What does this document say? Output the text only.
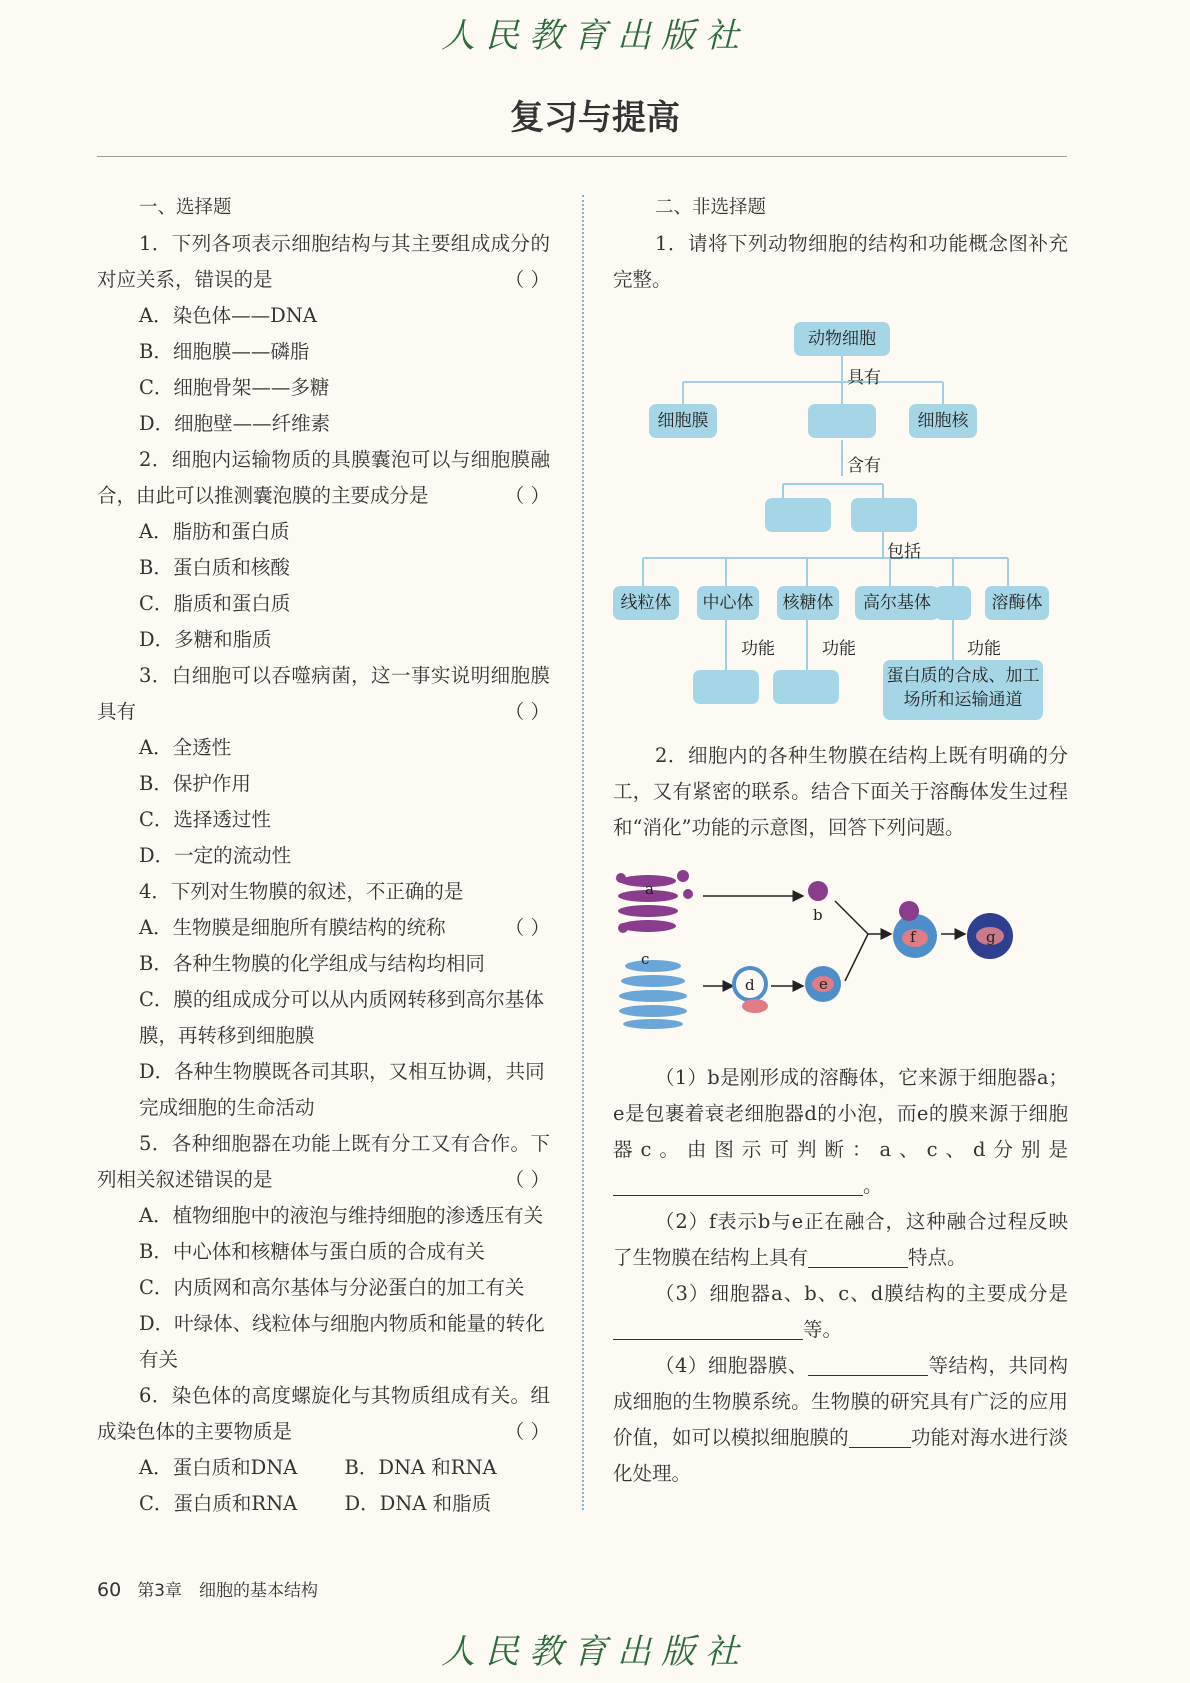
人民教育出版社
复习与提高
一、选择题
1．下列各项表示细胞结构与其主要组成成分的对应关系，错误的是	（ ）
A．染色体——DNA
B．细胞膜——磷脂
C．细胞骨架——多糖
D．细胞壁——纤维素
2．细胞内运输物质的具膜囊泡可以与细胞膜融合，由此可以推测囊泡膜的主要成分是	（ ）
A．脂肪和蛋白质
B．蛋白质和核酸
C．脂质和蛋白质
D．多糖和脂质
3．白细胞可以吞噬病菌，这一事实说明细胞膜具有	（ ）
A．全透性
B．保护作用
C．选择透过性
D．一定的流动性
4．下列对生物膜的叙述，不正确的是
（ ）
A．生物膜是细胞所有膜结构的统称
B．各种生物膜的化学组成与结构均相同
C．膜的组成成分可以从内质网转移到高尔基体膜，再转移到细胞膜
D．各种生物膜既各司其职，又相互协调，共同完成细胞的生命活动
5．各种细胞器在功能上既有分工又有合作。下列相关叙述错误的是	（ ）
A．植物细胞中的液泡与维持细胞的渗透压有关
B．中心体和核糖体与蛋白质的合成有关
C．内质网和高尔基体与分泌蛋白的加工有关
D．叶绿体、线粒体与细胞内物质和能量的转化有关
6．染色体的高度螺旋化与其物质组成有关。组成染色体的主要物质是	（ ）
A．蛋白质和DNA	B．DNA 和RNA
C．蛋白质和RNA	D．DNA 和脂质
二、非选择题
1．请将下列动物细胞的结构和功能概念图补充完整。
动物细胞
具有
细胞膜	细胞核
含有
包括
线粒体	中心体	核糖体	高尔基体	溶酶体
功能	功能	功能
蛋白质的合成、加工场所和运输通道
2．细胞内的各种生物膜在结构上既有明确的分工，又有紧密的联系。结合下面关于溶酶体发生过程和“消化”功能的示意图，回答下列问题。
a
b
c
d	e
f	g
（1）b是刚形成的溶酶体，它来源于细胞器a；e是包裹着衰老细胞器d的小泡，而e的膜来源于细胞器c。由图示可判断：a、c、d分别是。
（2）f表示b与e正在融合，这种融合过程反映了生物膜在结构上具有	特点。
（3）细胞器a、b、c、d膜结构的主要成分是等。
（4）细胞器膜、	等结构，共同构成细胞的生物膜系统。生物膜的研究具有广泛的应用价值，如可以模拟细胞膜的	功能对海水进行淡化处理。
60 第3章　细胞的基本结构
人民教育出版社
